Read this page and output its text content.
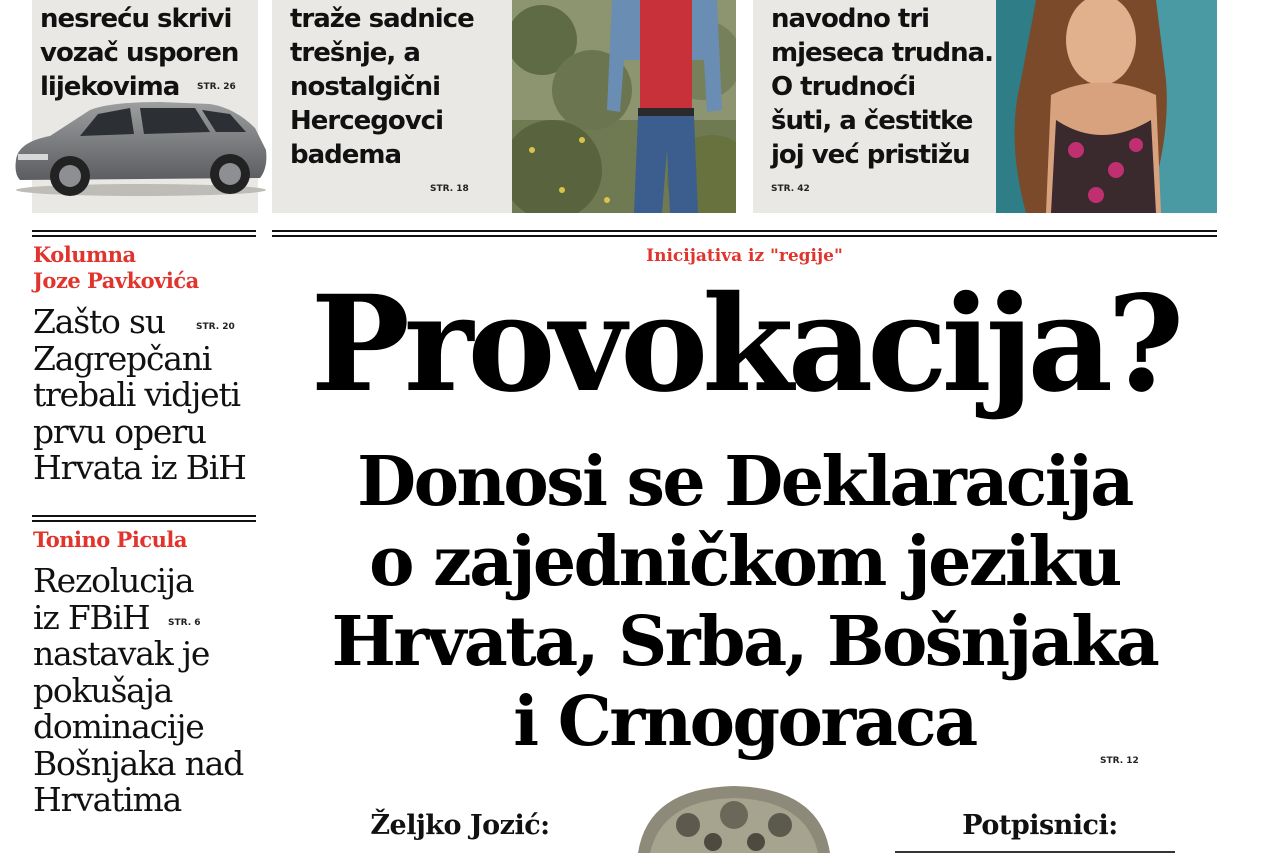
nesreću skrivi
vozač usporen
lijekovima	STR. 26
traže sadnice
trešnje, a
nostalgični
Hercegovci
badema
STR. 18
navodno tri
mjeseca trudna.
O trudnoći
šuti, a čestitke
joj već pristižu
STR. 42
Kolumna
Joze Pavkovića
Zašto su
Zagrepčani
trebali vidjeti
prvu operu
Hrvata iz BiH
STR. 20
Tonino Picula
Rezolucija
iz FBiH
nastavak je
pokušaja
dominacije
Bošnjaka nad
Hrvatima
STR. 6
Inicijativa iz "regije"
Provokacija?
Donosi se Deklaracija
o zajedničkom jeziku
Hrvata, Srba, Bošnjaka
i Crnogoraca	STR. 12
Željko Jozić:	Potpisnici:
